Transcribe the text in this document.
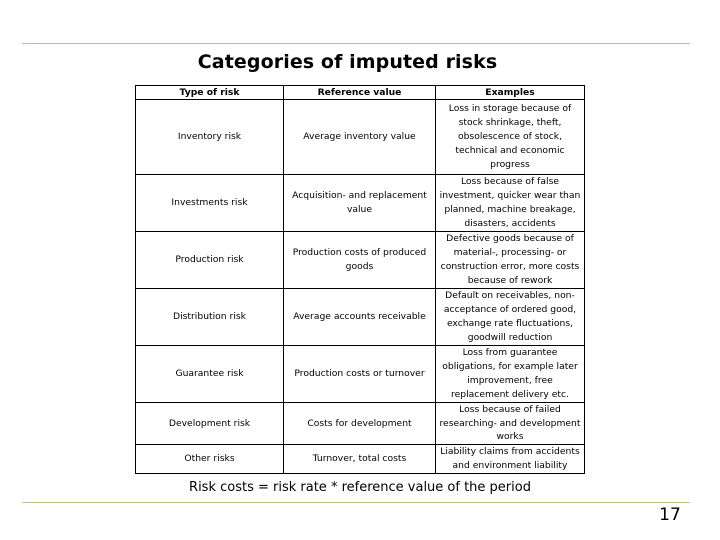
Categories of imputed risks
Type of risk	Reference value	Examples
Inventory risk	Average inventory value	Loss in storage because of stock shrinkage, theft, obsolescence of stock, technical and economic progress
Investments risk	Acquisition- and replacement value	Loss because of false investment, quicker wear than planned, machine breakage, disasters, accidents
Production risk	Production costs of produced goods	Defective goods because of material-, processing- or construction error, more costs because of rework
Distribution risk	Average accounts receivable	Default on receivables, non-acceptance of ordered good, exchange rate fluctuations, goodwill reduction
Guarantee risk	Production costs or turnover	Loss from guarantee obligations, for example later improvement, free replacement delivery etc.
Development risk	Costs for development	Loss because of failed researching- and development works
Other risks	Turnover, total costs	Liability claims from accidents and environment liability
Risk costs = risk rate * reference value of the period
17
